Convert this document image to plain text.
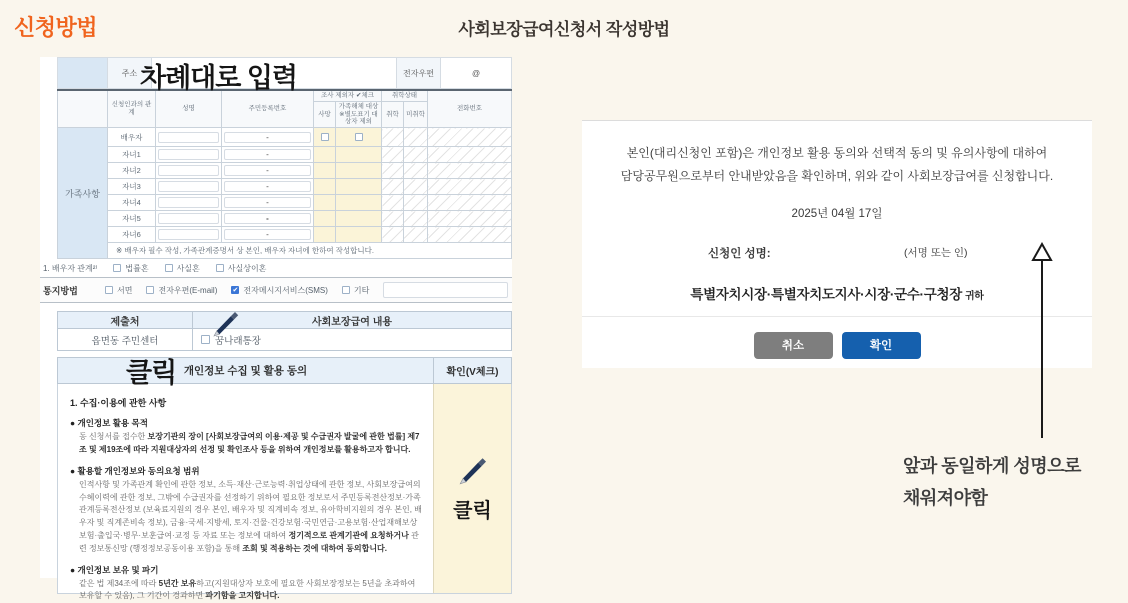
신청방법	사회보장급여신청서 작성방법
주소	전자우편	@
차례대로 입력
	신청인과의 관계	성명	주민등록번호	조사 제외자 ✔체크		취학상태		전화번호
				사망	가족해체 대상 ※별도표기 대상자 제외	취학	미취학	
가족사항	배우자		-					

	자녀1		-					

	자녀2		-					

	자녀3		-					

	자녀4		-					

	자녀5		-					

	자녀6		-					

	※ 배우자 필수 작성, 가족관계증명서 상 본인, 배우자 자녀에 한하여 작성합니다.							
1. 배우자 관계²⁾	법률혼	사실혼	사실상이혼
통지방법	서면	전자우편(E-mail) ✔ 전자메시지서비스(SMS)	기타
제출처	사회보장급여 내용
읍면동 주민센터	꿈나래통장
개인정보 수집 및 활용 동의	확인(V체크)
클릭
1. 수집·이용에 관한 사항
● 개인정보 활용 목적
동 신청서를 접수한 보장기관의 장이 [사회보장급여의 이용·제공 및 수급권자 발굴에 관한 법률] 제7조 및 제19조에 따라 지원대상자의 선정 및 확인조사 등을 위하여 개인정보를 활용하고자 합니다.
● 활용할 개인정보와 동의요청 범위
인적사항 및 가족관계 확인에 관한 정보, 소득·재산·근로능력·취업상태에 관한 정보, 사회보장급여의 수혜이력에 관한 정보, 그밖에 수급권자를 선정하기 위하여 필요한 정보로서 주민등록전산정보·가족관계등록전산정보 (보육료지원의 경우 본인, 배우자 및 직계비속 정보, 유아학비지원의 경우 본인, 배우자 및 직계존비속 정보), 금융·국세·지방세, 토지·건물·건강보험·국민연금·고용보험·산업재해보상보험·출입국·병무·보훈급여·교정 등 자료 또는 정보에 대하여 정기적으로 관계기관에 요청하거나 관련 정보통신망 (행정정보공동이용 포함)을 통해 조회 및 적용하는 것에 대하여 동의합니다.
● 개인정보 보유 및 파기
같은 법 제34조에 따라 5년간 보유하고(지원대상자 보호에 필요한 사회보장정보는 5년을 초과하여 보유할 수 있음), 그 기간이 경과하면 파기함을 고지합니다.
클릭
본인(대리신청인 포함)은 개인정보 활용 동의와 선택적 동의 및 유의사항에 대하여
담당공무원으로부터 안내받았음을 확인하며, 위와 같이 사회보장급여를 신청합니다.
2025년 04월 17일
신청인 성명:	(서명 또는 인)
특별자치시장·특별자치도지사·시장·군수·구청장 귀하
취소	확인
앞과 동일하게 성명으로
채워져야함
